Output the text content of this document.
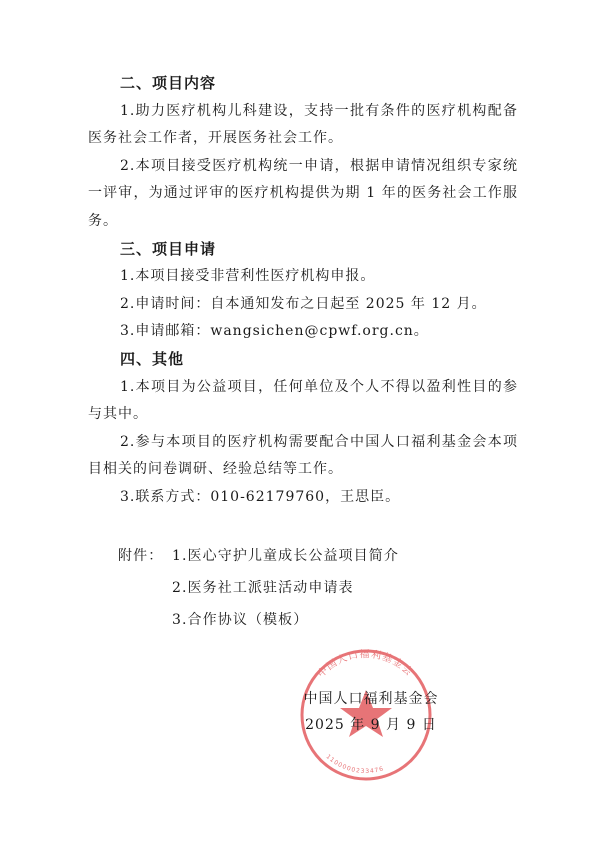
二、项目内容

1.助力医疗机构儿科建设，支持一批有条件的医疗机构配备医务社会工作者，开展医务社会工作。

2.本项目接受医疗机构统一申请，根据申请情况组织专家统一评审，为通过评审的医疗机构提供为期 1 年的医务社会工作服务。

三、项目申请

1.本项目接受非营利性医疗机构申报。

2.申请时间：自本通知发布之日起至 2025 年 12 月。

3.申请邮箱：wangsichen@cpwf.org.cn。

四、其他

1.本项目为公益项目，任何单位及个人不得以盈利性目的参与其中。

2.参与本项目的医疗机构需要配合中国人口福利基金会本项目相关的问卷调研、经验总结等工作。

3.联系方式：010-62179760，王思臣。

附件： 1.医心守护儿童成长公益项目简介
2.医务社工派驻活动申请表
3.合作协议（模板）
中国人口福利基金会
1100000233476
中国人口福利基金会
2025 年 9 月 9 日
